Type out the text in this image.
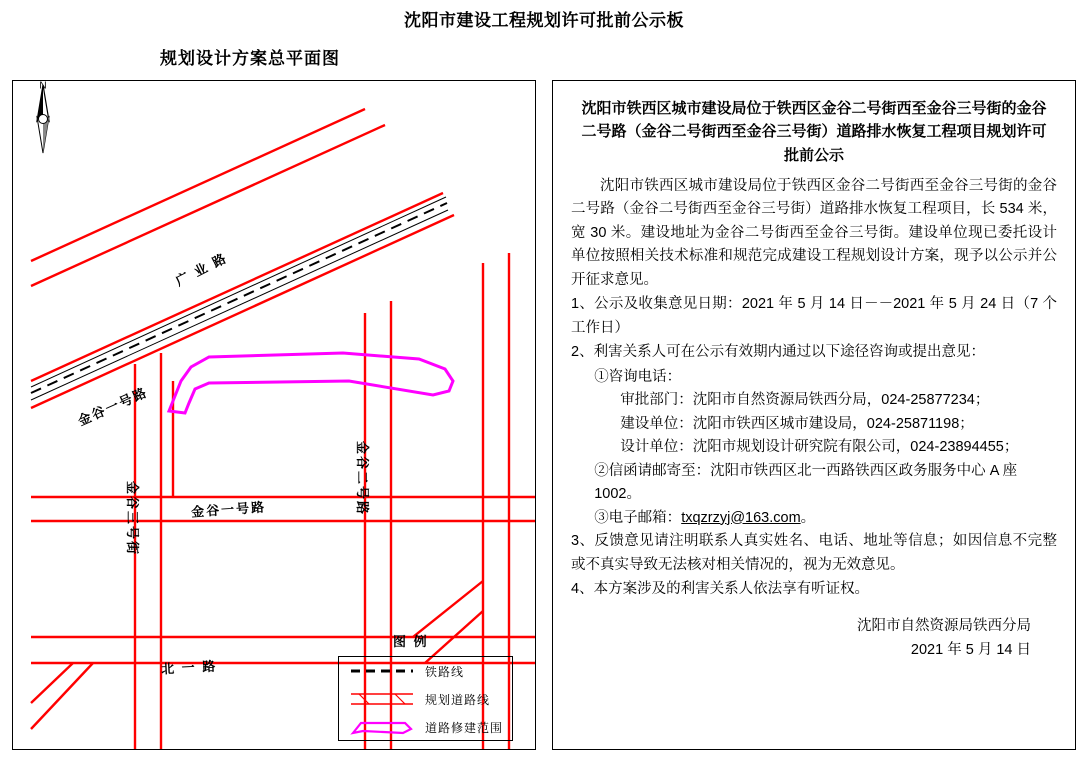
沈阳市建设工程规划许可批前公示板
规划设计方案总平面图
N
广 业 路
金谷一号路
金谷二号路
金谷三号街	金谷一号路
北 一 路
图 例
铁路线
规划道路线
道路修建范围
沈阳市铁西区城市建设局位于铁西区金谷二号街西至金谷三号街的金谷二号路（金谷二号街西至金谷三号街）道路排水恢复工程项目规划许可批前公示

沈阳市铁西区城市建设局位于铁西区金谷二号街西至金谷三号街的金谷二号路（金谷二号街西至金谷三号街）道路排水恢复工程项目，长 534 米，宽 30 米。建设地址为金谷二号街西至金谷三号街。建设单位现已委托设计单位按照相关技术标准和规范完成建设工程规划设计方案，现予以公示并公开征求意见。

1、公示及收集意见日期：2021 年 5 月 14 日－－2021 年 5 月 24 日（7 个工作日）

2、利害关系人可在公示有效期内通过以下途径咨询或提出意见：

①咨询电话：

审批部门：沈阳市自然资源局铁西分局，024-25877234；

建设单位：沈阳市铁西区城市建设局，024-25871198；

设计单位：沈阳市规划设计研究院有限公司，024-23894455；

②信函请邮寄至：沈阳市铁西区北一西路铁西区政务服务中心 A 座 1002。

③电子邮箱：txqzrzyj@163.com。

3、反馈意见请注明联系人真实姓名、电话、地址等信息；如因信息不完整或不真实导致无法核对相关情况的，视为无效意见。

4、本方案涉及的利害关系人依法享有听证权。

沈阳市自然资源局铁西分局
2021 年 5 月 14 日
